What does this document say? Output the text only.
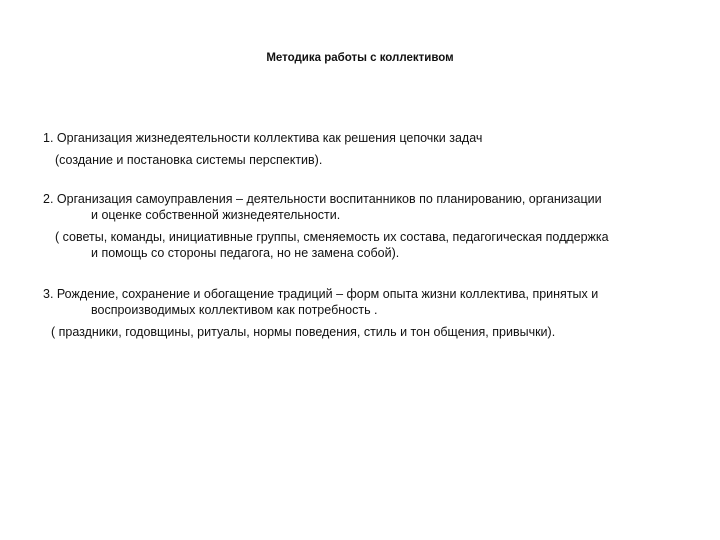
Методика работы с коллективом
1. Организация жизнедеятельности коллектива как решения цепочки задач
(создание и постановка системы перспектив).
2. Организация самоуправления – деятельности воспитанников по планированию, организации
и оценке собственной жизнедеятельности.
( советы, команды, инициативные группы, сменяемость их состава, педагогическая поддержка
и помощь со стороны педагога, но не замена собой).
3. Рождение, сохранение и обогащение традиций – форм опыта жизни коллектива, принятых и
воспроизводимых коллективом как потребность .
( праздники, годовщины, ритуалы, нормы поведения, стиль и тон общения, привычки).
